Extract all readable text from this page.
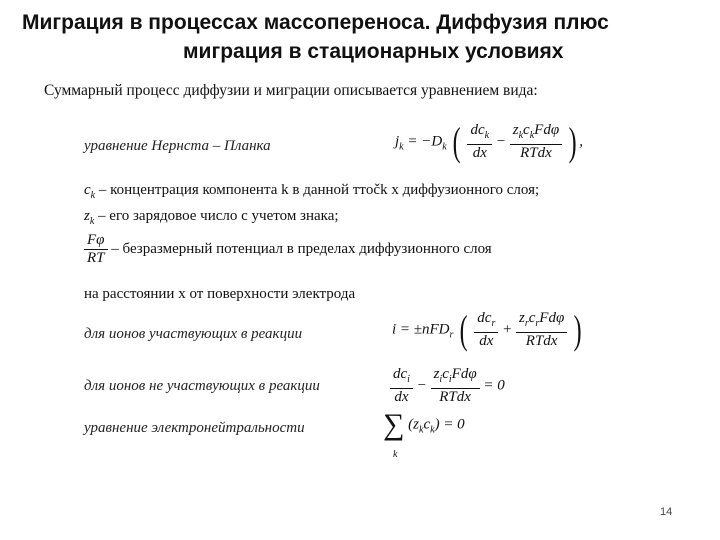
Миграция в процессах массопереноса. Диффузия плюс
миграция в стационарных условиях
Суммарный процесс диффузии и миграции описывается уравнением вида:
уравнение Нернста – Планка	$j_k = -D_k$ ( $\frac{dc_k}{dx} - \frac{z_kc_kFd\varphi}{\text{RTdx}}$ ) ,
$c_k$ – концентрация компонента k в данной ттočk x диффузионного слоя;
$z_k$ – его зарядовое число с учетом знака;
$\frac{F\varphi}{RT}$ – безразмерный потенциал в пределах диффузионного слоя
на расстоянии х от поверхности электрода
для ионов участвующих в реакции	i = ±nFD$_r$ ( $\frac{dc_r}{dx} + \frac{z_rc_rFd\varphi}{\text{RTdx}}$ )
для ионов не участвующих в реакции	$\frac{dc_i}{dx} - \frac{z_ic_iFd\varphi}{\text{RTdx}} = 0$
уравнение электронейтральности	∑
k
$(z_kc_k) = 0$
14
